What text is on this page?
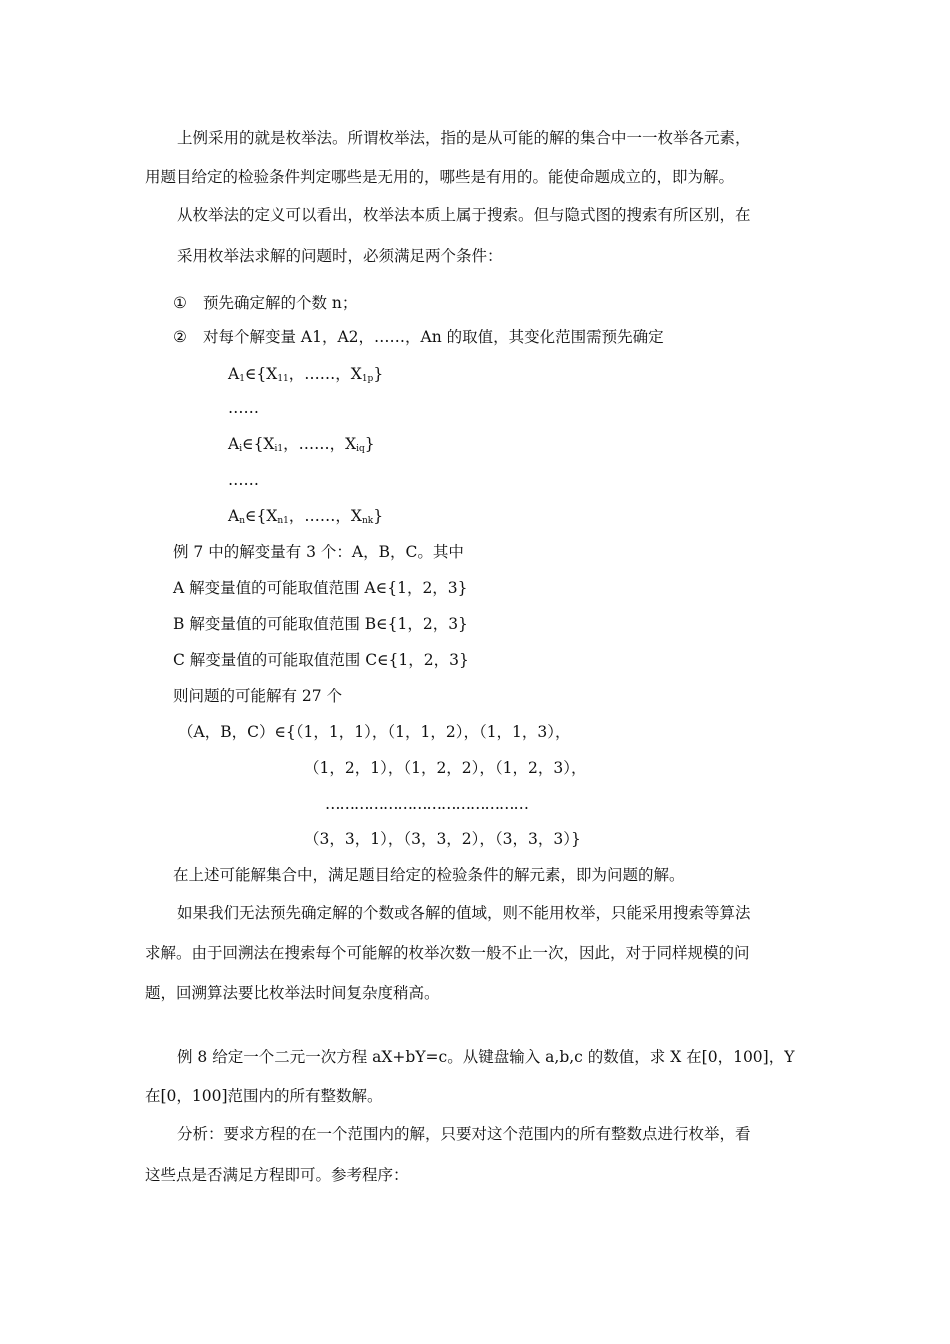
上例采用的就是枚举法。所谓枚举法，指的是从可能的解的集合中一一枚举各元素，
用题目给定的检验条件判定哪些是无用的，哪些是有用的。能使命题成立的，即为解。
从枚举法的定义可以看出，枚举法本质上属于搜索。但与隐式图的搜索有所区别，在
采用枚举法求解的问题时，必须满足两个条件：
① 预先确定解的个数 n；
② 对每个解变量 A1，A2，……，An 的取值，其变化范围需预先确定
$A_1\in\{X_{11}$，……，$X_{1p}$}
……
$A_i\in\{X_{i1}$，……，$X_{iq}$}
……
$A_n\in\{X_{n1}$，……，$X_{nk}$}
例 7 中的解变量有 3 个：A，B，C。其中
A 解变量值的可能取值范围 A∈{1，2，3}
B 解变量值的可能取值范围 B∈{1，2，3}
C 解变量值的可能取值范围 C∈{1，2，3}
则问题的可能解有 27 个
（A，B，C）∈{（1，1，1），（1，1，2），（1，1，3），
（1，2，1），（1，2，2），（1，2，3），
……………………………………
（3，3，1），（3，3，2），（3，3，3）}
在上述可能解集合中，满足题目给定的检验条件的解元素，即为问题的解。
如果我们无法预先确定解的个数或各解的值域，则不能用枚举，只能采用搜索等算法
求解。由于回溯法在搜索每个可能解的枚举次数一般不止一次，因此，对于同样规模的问
题，回溯算法要比枚举法时间复杂度稍高。
例 8 给定一个二元一次方程 aX+bY=c。从键盘输入 a,b,c 的数值，求 X 在[0，100]，Y
在[0，100]范围内的所有整数解。
分析：要求方程的在一个范围内的解，只要对这个范围内的所有整数点进行枚举，看
这些点是否满足方程即可。参考程序：
